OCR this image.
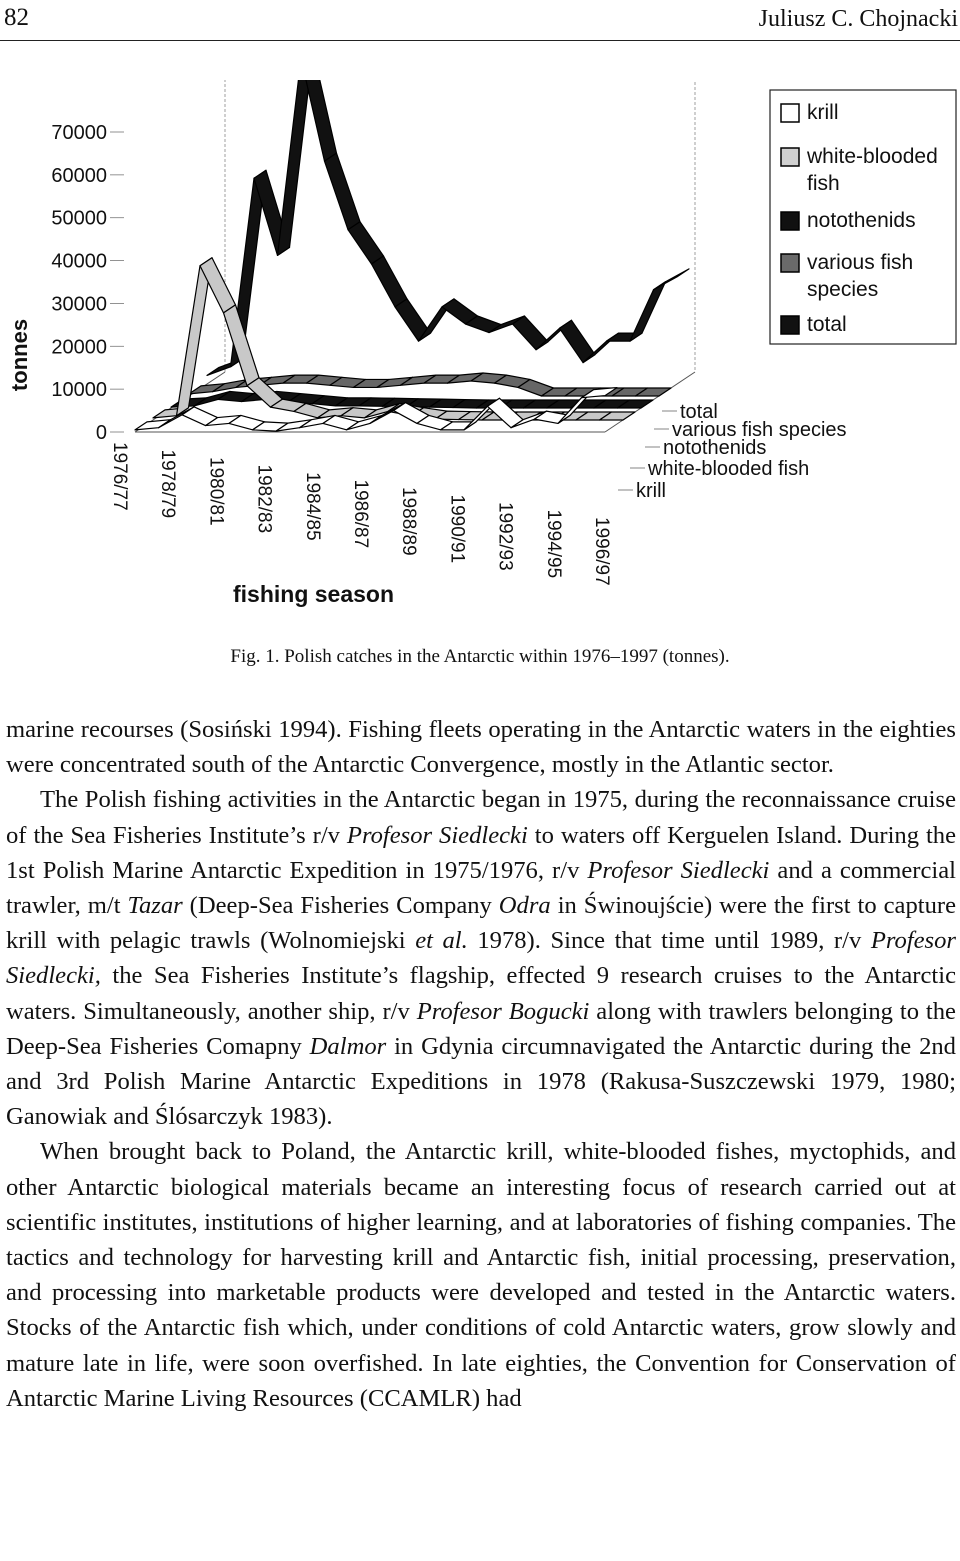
82	Juliusz C. Chojnacki
70000
60000
50000
40000
30000
20000
10000
0
tonnes
1976/77 1978/79 1980/81 1982/83 1984/85 1986/87 1988/89 1990/91 1992/93 1994/95 1996/97
fishing season
total
various fish species
notothenids
white-blooded fish
krill
krill
white-blooded
fish
notothenids
various fish
species
total
Fig. 1. Polish catches in the Antarctic within 1976–1997 (tonnes).

marine recourses (Sosiński 1994). Fishing fleets operating in the Antarctic waters in the eighties were concentrated south of the Antarctic Convergence, mostly in the Atlantic sector.

The Polish fishing activities in the Antarctic began in 1975, during the reconnaissance cruise of the Sea Fisheries Institute’s r/v Profesor Siedlecki to waters off Kerguelen Island. During the 1st Polish Marine Antarctic Expedition in 1975/1976, r/v Profesor Siedlecki and a commercial trawler, m/t Tazar (Deep-Sea Fisheries Company Odra in Świnoujście) were the first to capture krill with pelagic trawls (Wolnomiejski et al. 1978). Since that time until 1989, r/v Profesor Siedlecki, the Sea Fisheries Institute’s flagship, effected 9 research cruises to the Antarctic waters. Simultaneously, another ship, r/v Profesor Bogucki along with trawlers belonging to the Deep-Sea Fisheries Comapny Dalmor in Gdynia circumnavigated the Antarctic during the 2nd and 3rd Polish Marine Antarctic Expeditions in 1978 (Rakusa-Suszczewski 1979, 1980; Ganowiak and Ślósarczyk 1983).

When brought back to Poland, the Antarctic krill, white-blooded fishes, myctophids, and other Antarctic biological materials became an interesting focus of research carried out at scientific institutes, institutions of higher learning, and at laboratories of fishing companies. The tactics and technology for harvesting krill and Antarctic fish, initial processing, preservation, and processing into marketable products were developed and tested in the Antarctic waters. Stocks of the Antarctic fish which, under conditions of cold Antarctic waters, grow slowly and mature late in life, were soon overfished. In late eighties, the Convention for Conservation of Antarctic Marine Living Resources (CCAMLR) had
